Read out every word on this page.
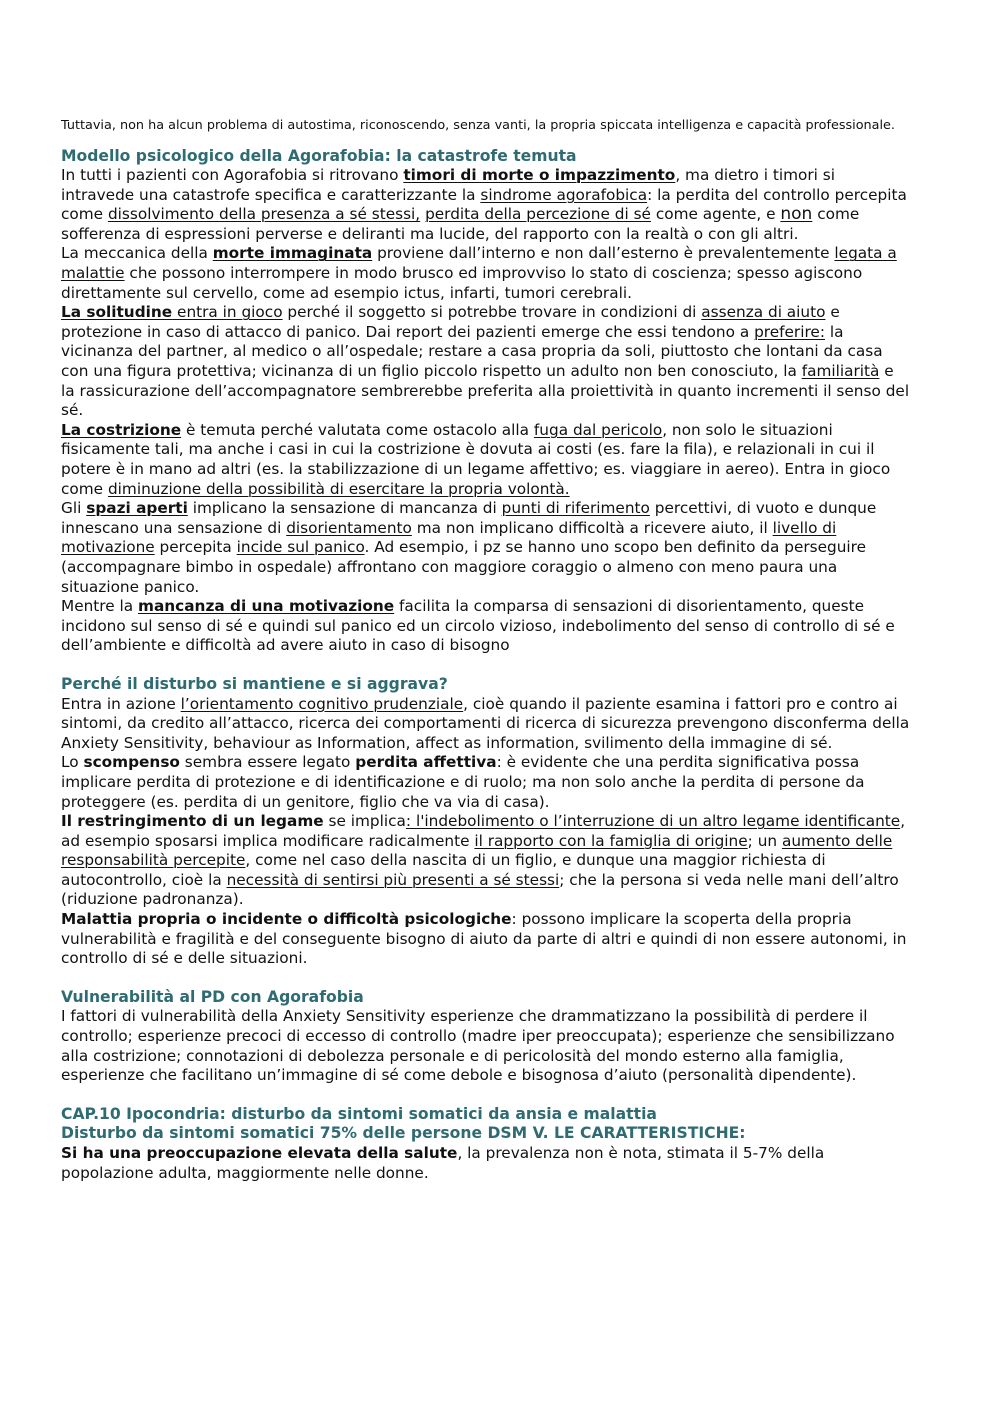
Tuttavia, non ha alcun problema di autostima, riconoscendo, senza vanti, la propria spiccata intelligenza e capacità professionale.

Modello psicologico della Agorafobia: la catastrofe temuta

In tutti i pazienti con Agorafobia si ritrovano timori di morte o impazzimento, ma dietro i timori si intravede una catastrofe specifica e caratterizzante la sindrome agorafobica: la perdita del controllo percepita come dissolvimento della presenza a sé stessi, perdita della percezione di sé come agente, e non come sofferenza di espressioni perverse e deliranti ma lucide, del rapporto con la realtà o con gli altri.

La meccanica della morte immaginata proviene dall’interno e non dall’esterno è prevalentemente legata a malattie che possono interrompere in modo brusco ed improvviso lo stato di coscienza; spesso agiscono direttamente sul cervello, come ad esempio ictus, infarti, tumori cerebrali.

La solitudine entra in gioco perché il soggetto si potrebbe trovare in condizioni di assenza di aiuto e protezione in caso di attacco di panico. Dai report dei pazienti emerge che essi tendono a preferire: la vicinanza del partner, al medico o all’ospedale; restare a casa propria da soli, piuttosto che lontani da casa con una figura protettiva; vicinanza di un figlio piccolo rispetto un adulto non ben conosciuto, la familiarità e la rassicurazione dell’accompagnatore sembrerebbe preferita alla proiettività in quanto incrementi il senso del sé.

La costrizione è temuta perché valutata come ostacolo alla fuga dal pericolo, non solo le situazioni fisicamente tali, ma anche i casi in cui la costrizione è dovuta ai costi (es. fare la fila), e relazionali in cui il potere è in mano ad altri (es. la stabilizzazione di un legame affettivo; es. viaggiare in aereo). Entra in gioco come diminuzione della possibilità di esercitare la propria volontà.

Gli spazi aperti implicano la sensazione di mancanza di punti di riferimento percettivi, di vuoto e dunque innescano una sensazione di disorientamento ma non implicano difficoltà a ricevere aiuto, il livello di motivazione percepita incide sul panico. Ad esempio, i pz se hanno uno scopo ben definito da perseguire (accompagnare bimbo in ospedale) affrontano con maggiore coraggio o almeno con meno paura una situazione panico.

Mentre la mancanza di una motivazione facilita la comparsa di sensazioni di disorientamento, queste incidono sul senso di sé e quindi sul panico ed un circolo vizioso, indebolimento del senso di controllo di sé e dell’ambiente e difficoltà ad avere aiuto in caso di bisogno

Perché il disturbo si mantiene e si aggrava?

Entra in azione l’orientamento cognitivo prudenziale, cioè quando il paziente esamina i fattori pro e contro ai sintomi, da credito all’attacco, ricerca dei comportamenti di ricerca di sicurezza prevengono disconferma della Anxiety Sensitivity, behaviour as Information, affect as information, svilimento della immagine di sé.

Lo scompenso sembra essere legato perdita affettiva: è evidente che una perdita significativa possa implicare perdita di protezione e di identificazione e di ruolo; ma non solo anche la perdita di persone da proteggere (es. perdita di un genitore, figlio che va via di casa).

Il restringimento di un legame se implica: l'indebolimento o l’interruzione di un altro legame identificante, ad esempio sposarsi implica modificare radicalmente il rapporto con la famiglia di origine; un aumento delle responsabilità percepite, come nel caso della nascita di un figlio, e dunque una maggior richiesta di autocontrollo, cioè la necessità di sentirsi più presenti a sé stessi; che la persona si veda nelle mani dell’altro (riduzione padronanza).

Malattia propria o incidente o difficoltà psicologiche: possono implicare la scoperta della propria vulnerabilità e fragilità e del conseguente bisogno di aiuto da parte di altri e quindi di non essere autonomi, in controllo di sé e delle situazioni.

Vulnerabilità al PD con Agorafobia

I fattori di vulnerabilità della Anxiety Sensitivity esperienze che drammatizzano la possibilità di perdere il controllo; esperienze precoci di eccesso di controllo (madre iper preoccupata); esperienze che sensibilizzano alla costrizione; connotazioni di debolezza personale e di pericolosità del mondo esterno alla famiglia, esperienze che facilitano un’immagine di sé come debole e bisognosa d’aiuto (personalità dipendente).

CAP.10 Ipocondria: disturbo da sintomi somatici da ansia e malattia
Disturbo da sintomi somatici 75% delle persone DSM V. LE CARATTERISTICHE:

Si ha una preoccupazione elevata della salute, la prevalenza non è nota, stimata il 5-7% della popolazione adulta, maggiormente nelle donne.
